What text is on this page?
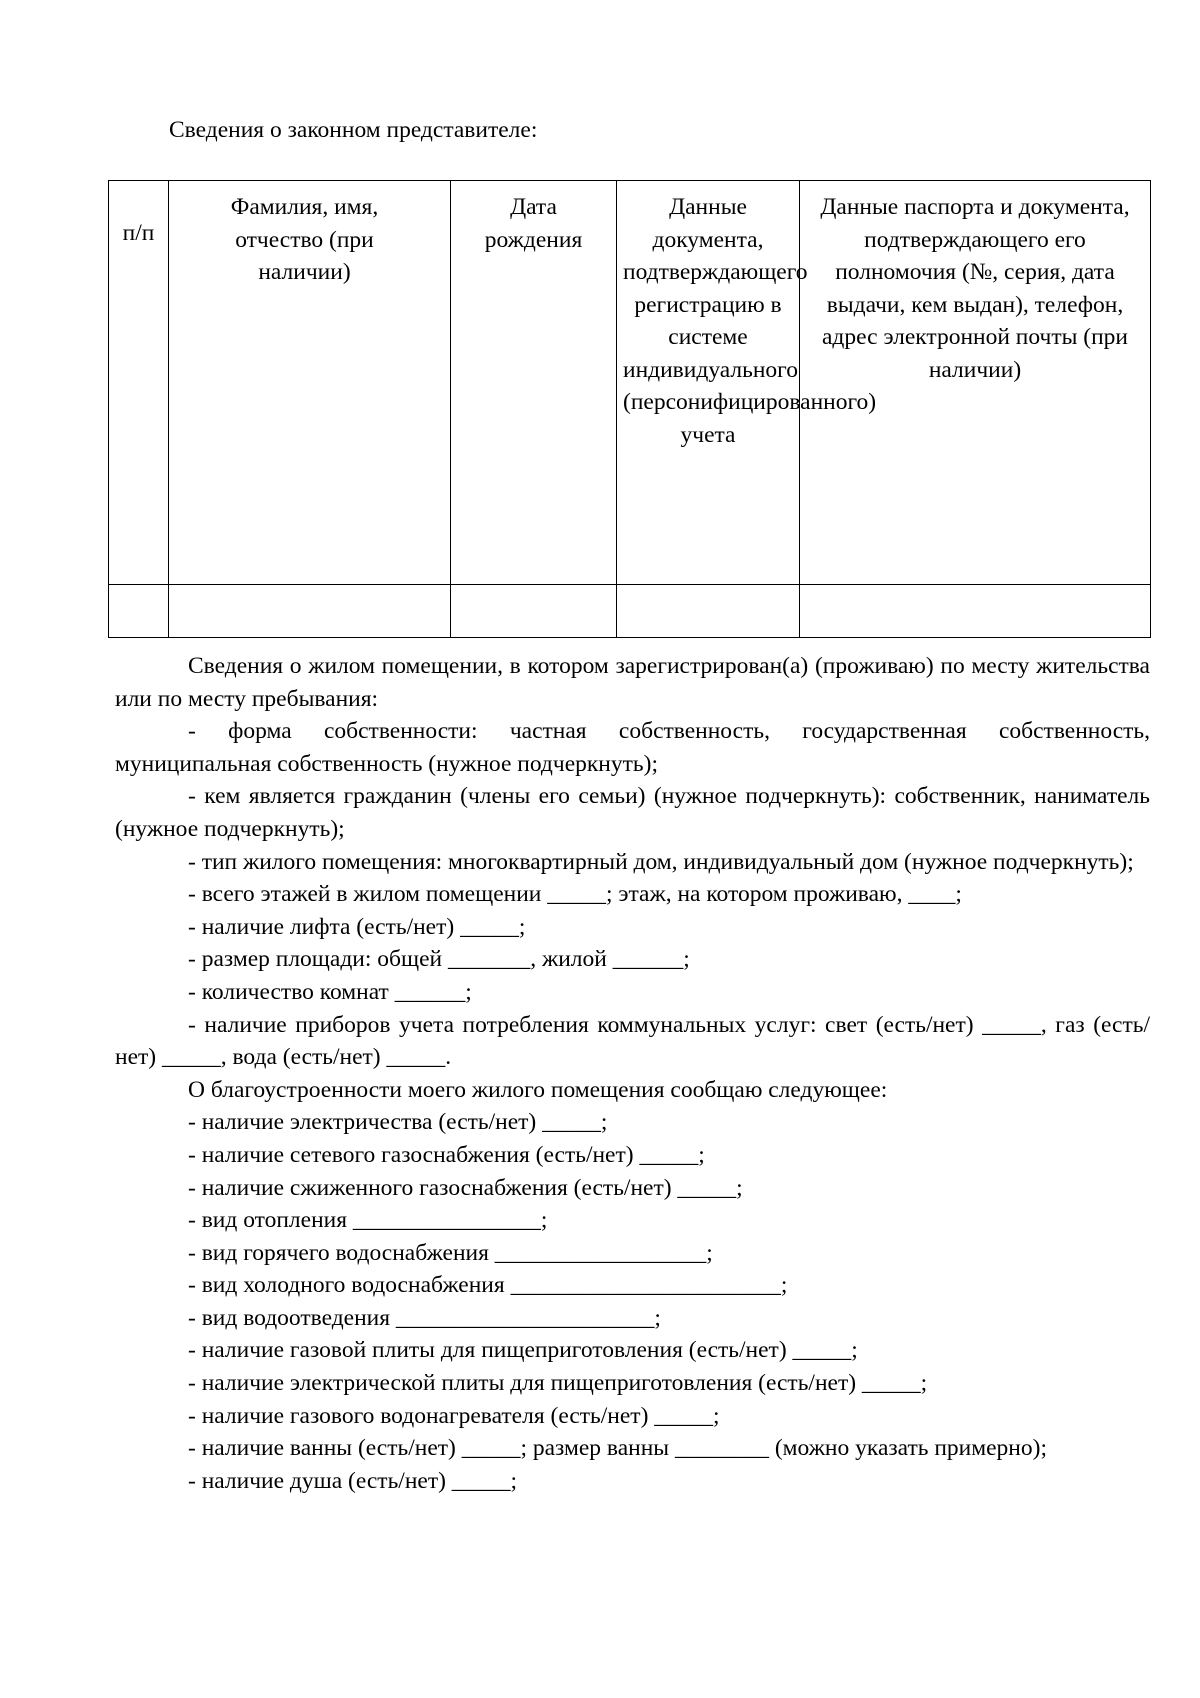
Сведения о законном представителе:
п/п	Фамилия, имя, отчество (при наличии)	Дата рождения	Данные документа, подтверждающего регистрацию в системе индивидуального (персонифицированного) учета	Данные паспорта и документа, подтверждающего его полномочия (№, серия, дата выдачи, кем выдан), телефон, адрес электронной почты (при наличии)

Сведения о жилом помещении, в котором зарегистрирован(а) (проживаю) по месту жительства или по месту пребывания:

- форма собственности: частная собственность, государственная собственность, муниципальная собственность (нужное подчеркнуть);

- кем является гражданин (члены его семьи) (нужное подчеркнуть): собственник, наниматель (нужное подчеркнуть);

- тип жилого помещения: многоквартирный дом, индивидуальный дом (нужное подчеркнуть);

- всего этажей в жилом помещении _____; этаж, на котором проживаю, ____;

- наличие лифта (есть/нет) _____;

- размер площади: общей _______, жилой ______;

- количество комнат ______;

- наличие приборов учета потребления коммунальных услуг: свет (есть/нет) _____, газ (есть/нет) _____, вода (есть/нет) _____.

О благоустроенности моего жилого помещения сообщаю следующее:

- наличие электричества (есть/нет) _____;

- наличие сетевого газоснабжения (есть/нет) _____;

- наличие сжиженного газоснабжения (есть/нет) _____;

- вид отопления ________________;

- вид горячего водоснабжения __________________;

- вид холодного водоснабжения _______________________;

- вид водоотведения ______________________;

- наличие газовой плиты для пищеприготовления (есть/нет) _____;

- наличие электрической плиты для пищеприготовления (есть/нет) _____;

- наличие газового водонагревателя (есть/нет) _____;

- наличие ванны (есть/нет) _____; размер ванны ________ (можно указать примерно);

- наличие душа (есть/нет) _____;
